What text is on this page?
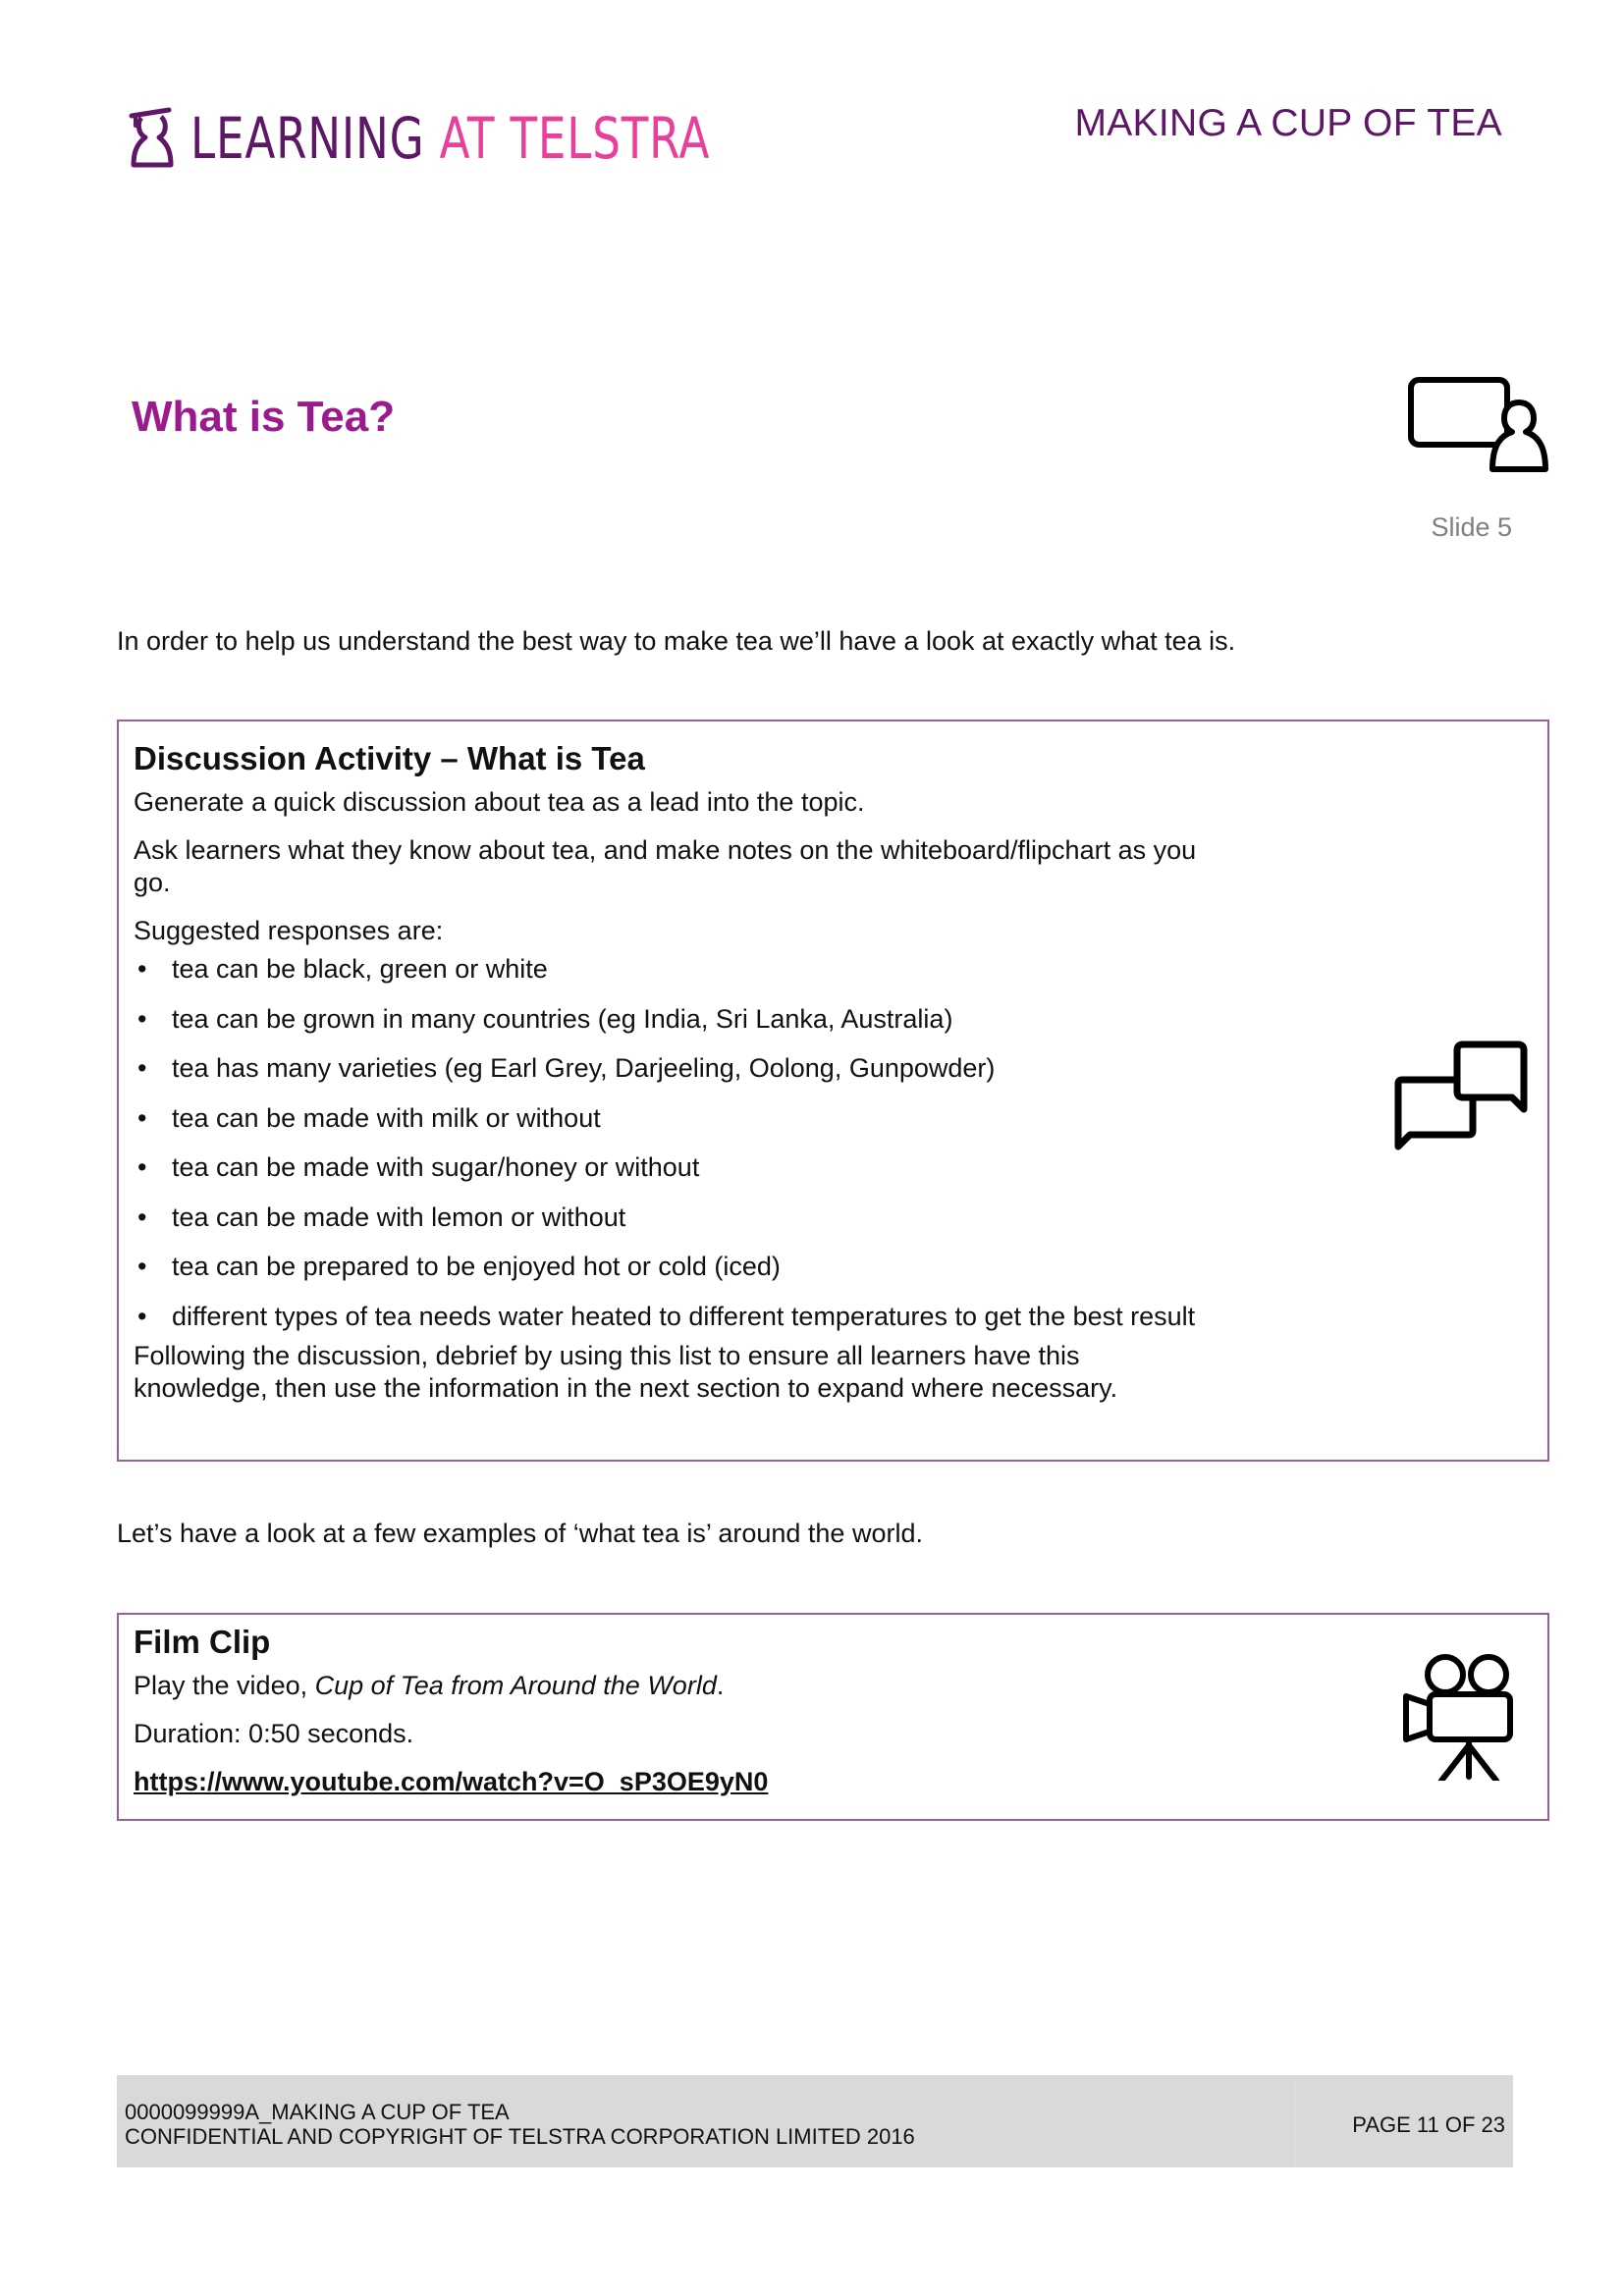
LEARNING AT TELSTRA	MAKING A CUP OF TEA
What is Tea?
Slide 5
In order to help us understand the best way to make tea we’ll have a look at exactly what tea is.
Discussion Activity – What is Tea

Generate a quick discussion about tea as a lead into the topic.

Ask learners what they know about tea, and make notes on the whiteboard/flipchart as you go.

Suggested responses are:

• tea can be black, green or white
• tea can be grown in many countries (eg India, Sri Lanka, Australia)
• tea has many varieties (eg Earl Grey, Darjeeling, Oolong, Gunpowder)
• tea can be made with milk or without
• tea can be made with sugar/honey or without
• tea can be made with lemon or without
• tea can be prepared to be enjoyed hot or cold (iced)
• different types of tea needs water heated to different temperatures to get the best result

Following the discussion, debrief by using this list to ensure all learners have this knowledge, then use the information in the next section to expand where necessary.

Let’s have a look at a few examples of ‘what tea is’ around the world.
Film Clip

Play the video, Cup of Tea from Around the World.

Duration: 0:50 seconds.

https://www.youtube.com/watch?v=O_sP3OE9yN0

0000099999A_MAKING A CUP OF TEA
CONFIDENTIAL AND COPYRIGHT OF TELSTRA CORPORATION LIMITED 2016	PAGE 11 OF 23
